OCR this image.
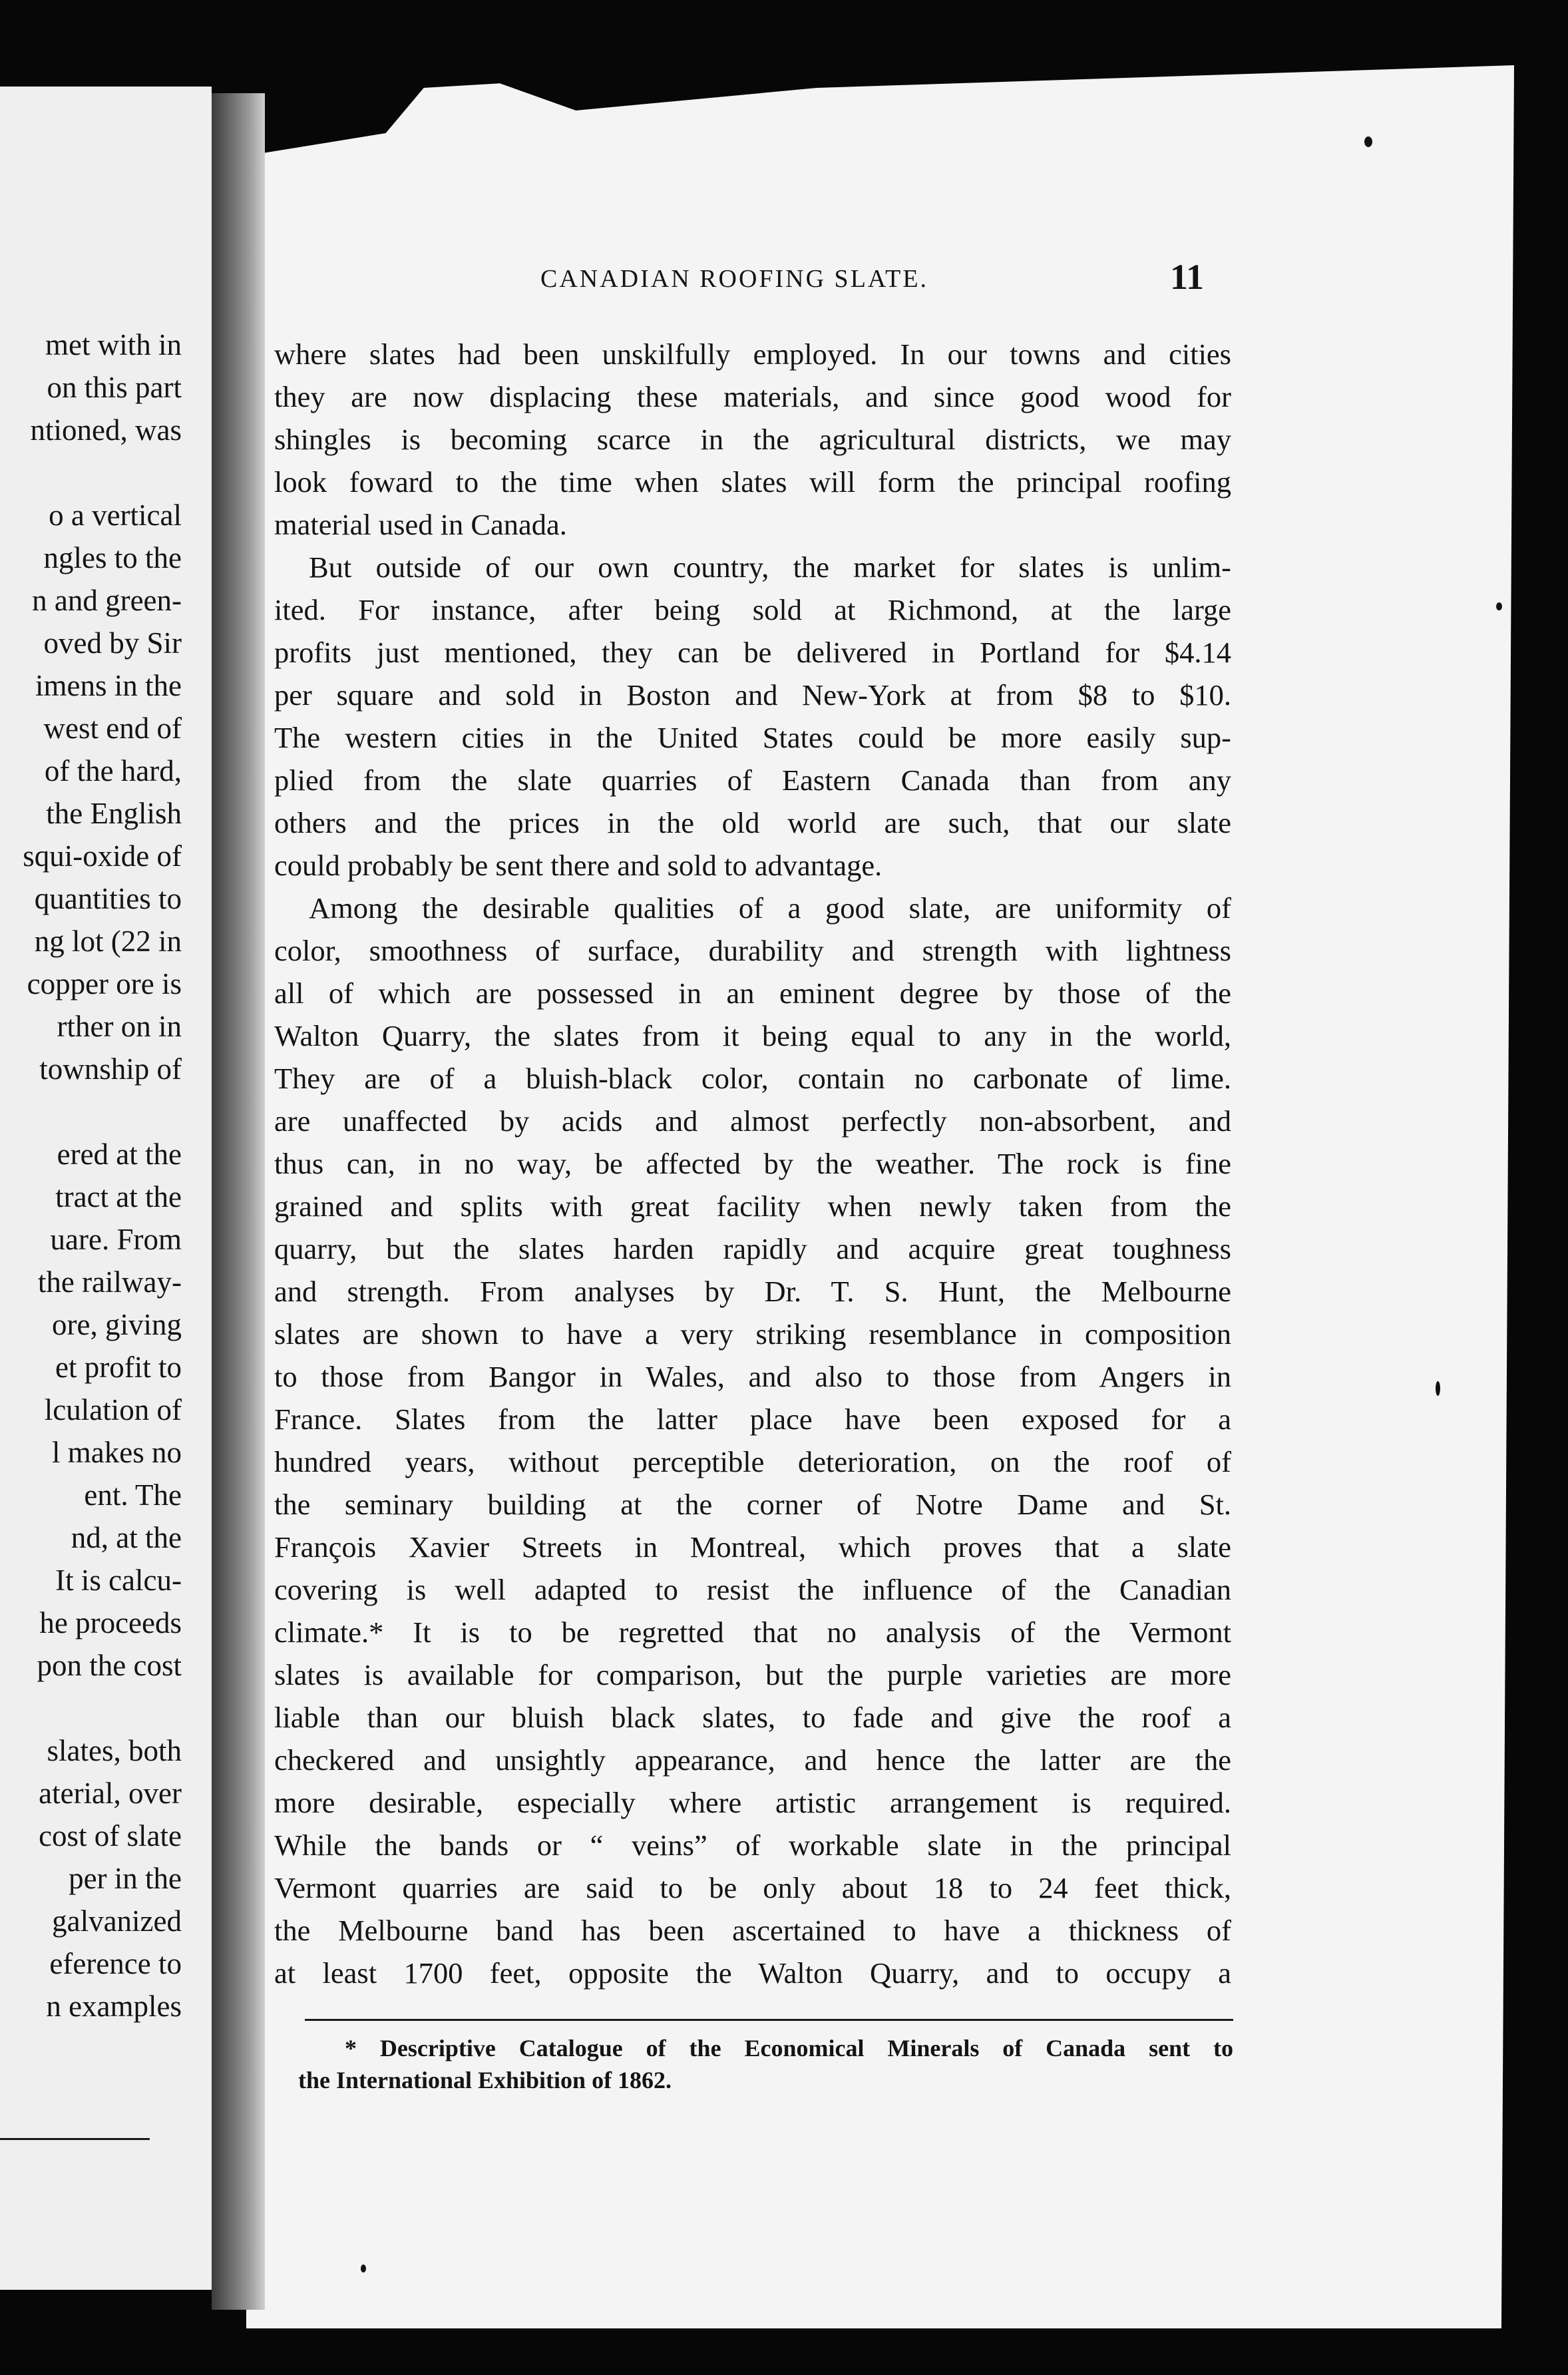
met with in
on this part
ntioned, was
o a vertical
ngles to the
n and green-
oved by Sir
imens in the
west end of
of the hard,
the English
squi-oxide of
quantities to
ng lot (22 in
copper ore is
rther on in
township of
ered at the
tract at the
uare. From
the railway-
ore, giving
et profit to
lculation of
l makes no
ent. The
nd, at the
It is calcu-
he proceeds
pon the cost
slates, both
aterial, over
cost of slate
per in the
galvanized
eference to
n examples
CANADIAN ROOFING SLATE.	11
where slates had been unskilfully employed. In our towns and cities
they are now displacing these materials, and since good wood for
shingles is becoming scarce in the agricultural districts, we may
look foward to the time when slates will form the principal roofing
material used in Canada.
But outside of our own country, the market for slates is unlim-
ited. For instance, after being sold at Richmond, at the large
profits just mentioned, they can be delivered in Portland for $4.14
per square and sold in Boston and New-York at from $8 to $10.
The western cities in the United States could be more easily sup-
plied from the slate quarries of Eastern Canada than from any
others and the prices in the old world are such, that our slate
could probably be sent there and sold to advantage.
Among the desirable qualities of a good slate, are uniformity of
color, smoothness of surface, durability and strength with lightness
all of which are possessed in an eminent degree by those of the
Walton Quarry, the slates from it being equal to any in the world,
They are of a bluish-black color, contain no carbonate of lime.
are unaffected by acids and almost perfectly non-absorbent, and
thus can, in no way, be affected by the weather. The rock is fine
grained and splits with great facility when newly taken from the
quarry, but the slates harden rapidly and acquire great toughness
and strength. From analyses by Dr. T. S. Hunt, the Melbourne
slates are shown to have a very striking resemblance in composition
to those from Bangor in Wales, and also to those from Angers in
France. Slates from the latter place have been exposed for a
hundred years, without perceptible deterioration, on the roof of
the seminary building at the corner of Notre Dame and St.
François Xavier Streets in Montreal, which proves that a slate
covering is well adapted to resist the influence of the Canadian
climate.* It is to be regretted that no analysis of the Vermont
slates is available for comparison, but the purple varieties are more
liable than our bluish black slates, to fade and give the roof a
checkered and unsightly appearance, and hence the latter are the
more desirable, especially where artistic arrangement is required.
While the bands or “ veins” of workable slate in the principal
Vermont quarries are said to be only about 18 to 24 feet thick,
the Melbourne band has been ascertained to have a thickness of
at least 1700 feet, opposite the Walton Quarry, and to occupy a
* Descriptive Catalogue of the Economical Minerals of Canada sent to
the International Exhibition of 1862.
